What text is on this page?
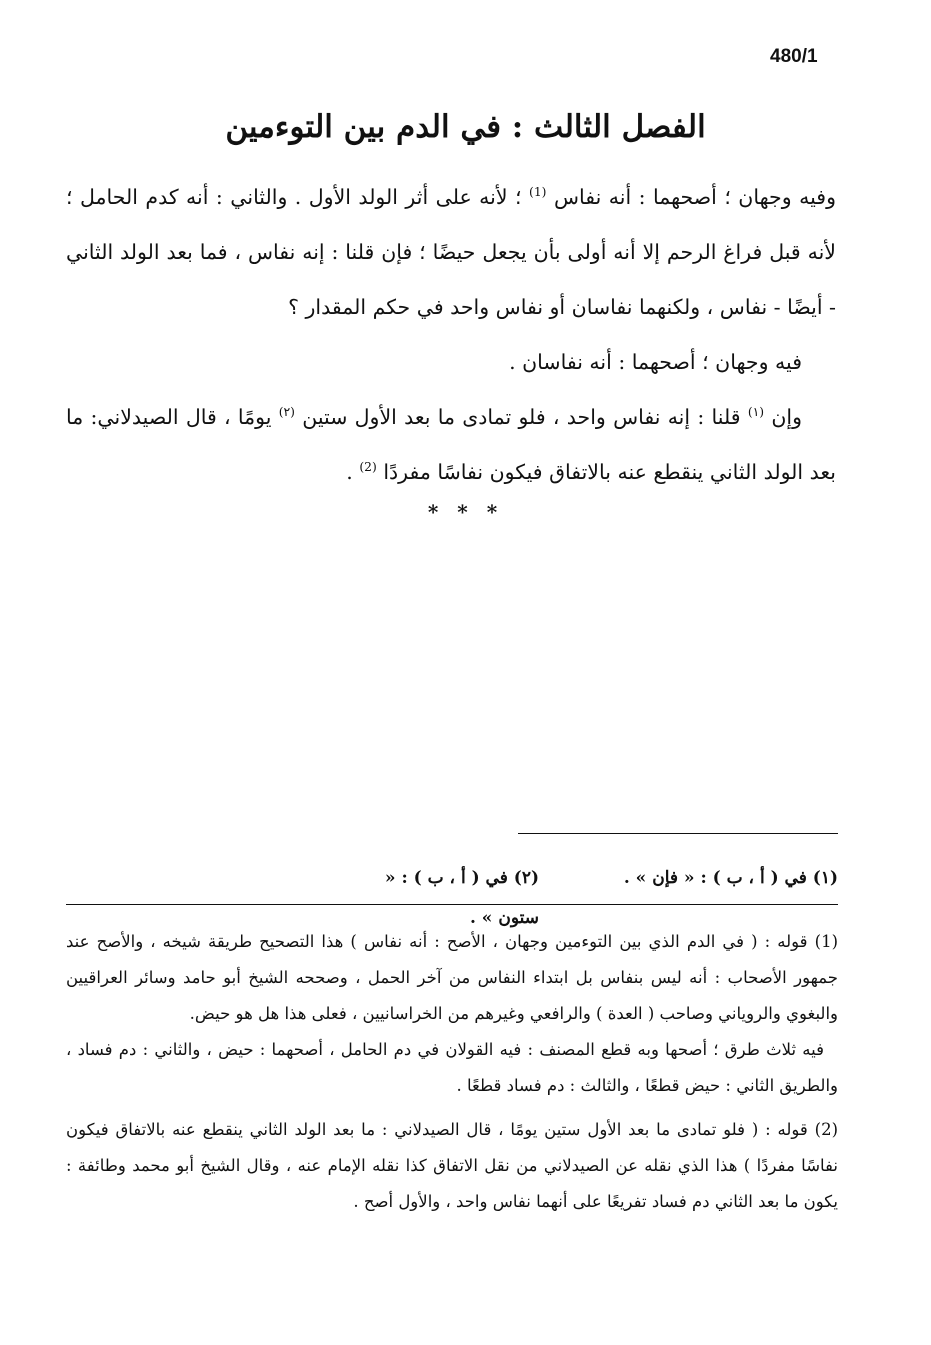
480/1
الفصل الثالث : في الدم بين التوءمين

وفيه وجهان ؛ أصحهما : أنه نفاس $^{(1)}$ ؛ لأنه على أثر الولد الأول . والثاني : أنه كدم الحامل ؛ لأنه قبل فراغ الرحم إلا أنه أولى بأن يجعل حيضًا ؛ فإن قلنا : إنه نفاس ، فما بعد الولد الثاني - أيضًا - نفاس ، ولكنهما نفاسان أو نفاس واحد في حكم المقدار ؟

فيه وجهان ؛ أصحهما : أنه نفاسان .

وإن $^{(١)}$ قلنا : إنه نفاس واحد ، فلو تمادى ما بعد الأول ستين $^{(٢)}$ يومًا ، قال الصيدلاني: ما بعد الولد الثاني ينقطع عنه بالاتفاق فيكون نفاسًا مفردًا $^{(2)}$ .

* * *
(١) في ( أ ، ب ) : « فإن » .
(٢) في ( أ ، ب ) : « ستون » .

(1) قوله : ( في الدم الذي بين التوءمين وجهان ، الأصح : أنه نفاس ) هذا التصحيح طريقة شيخه ، والأصح عند جمهور الأصحاب : أنه ليس بنفاس بل ابتداء النفاس من آخر الحمل ، وصححه الشيخ أبو حامد وسائر العراقيين والبغوي والروياني وصاحب ( العدة ) والرافعي وغيرهم من الخراسانيين ، فعلى هذا هل هو حيض.

فيه ثلاث طرق ؛ أصحها وبه قطع المصنف : فيه القولان في دم الحامل ، أصحهما : حيض ، والثاني : دم فساد ، والطريق الثاني : حيض قطعًا ، والثالث : دم فساد قطعًا .

(2) قوله : ( فلو تمادى ما بعد الأول ستين يومًا ، قال الصيدلاني : ما بعد الولد الثاني ينقطع عنه بالاتفاق فيكون نفاسًا مفردًا ) هذا الذي نقله عن الصيدلاني من نقل الاتفاق كذا نقله الإمام عنه ، وقال الشيخ أبو محمد وطائفة : يكون ما بعد الثاني دم فساد تفريعًا على أنهما نفاس واحد ، والأول أصح .
